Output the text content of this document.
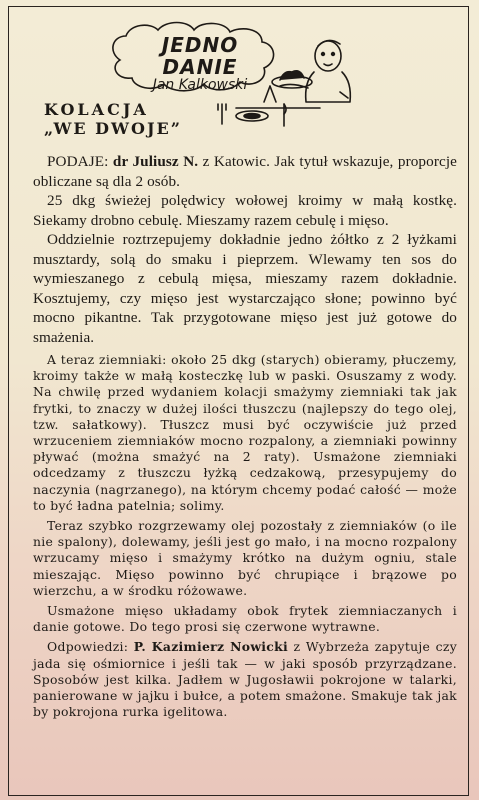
JEDNO DANIE
Jan Kalkowski
KOLACJA
„WE DWOJE”

PODAJE: dr Juliusz N. z Katowic. Jak tytuł wskazuje, proporcje obliczane są dla 2 osób.

25 dkg świeżej polędwicy wołowej kroimy w małą kostkę. Siekamy drobno cebulę. Mieszamy razem cebulę i mięso.

Oddzielnie roztrzepujemy dokładnie jedno żółtko z 2 łyżkami musztardy, solą do smaku i pieprzem. Wlewamy ten sos do wymieszanego z cebulą mięsa, mieszamy razem dokładnie. Kosztujemy, czy mięso jest wystarczająco słone; powinno być mocno pikantne. Tak przygotowane mięso jest już gotowe do smażenia.

A teraz ziemniaki: około 25 dkg (starych) obieramy, płuczemy, kroimy także w małą kosteczkę lub w paski. Osuszamy z wody. Na chwilę przed wydaniem kolacji smażymy ziemniaki tak jak frytki, to znaczy w dużej ilości tłuszczu (najlepszy do tego olej, tzw. sałatkowy). Tłuszcz musi być oczywiście już przed wrzuceniem ziemniaków mocno rozpalony, a ziemniaki powinny pływać (można smażyć na 2 raty). Usmażone ziemniaki odcedzamy z tłuszczu łyżką cedzakową, przesypujemy do naczynia (nagrzanego), na którym chcemy podać całość — może to być ładna patelnia; solimy.

Teraz szybko rozgrzewamy olej pozostały z ziemniaków (o ile nie spalony), dolewamy, jeśli jest go mało, i na mocno rozpalony wrzucamy mięso i smażymy krótko na dużym ogniu, stale mieszając. Mięso powinno być chrupiące i brązowe po wierzchu, a w środku różowawe.

Usmażone mięso układamy obok frytek ziemniaczanych i danie gotowe. Do tego prosi się czerwone wytrawne.

Odpowiedzi: P. Kazimierz Nowicki z Wybrzeża zapytuje czy jada się ośmiornice i jeśli tak — w jaki sposób przyrządzane. Sposobów jest kilka. Jadłem w Jugosławii pokrojone w talarki, panierowane w jajku i bułce, a potem smażone. Smakuje tak jak by pokrojona rurka igelitowa.
